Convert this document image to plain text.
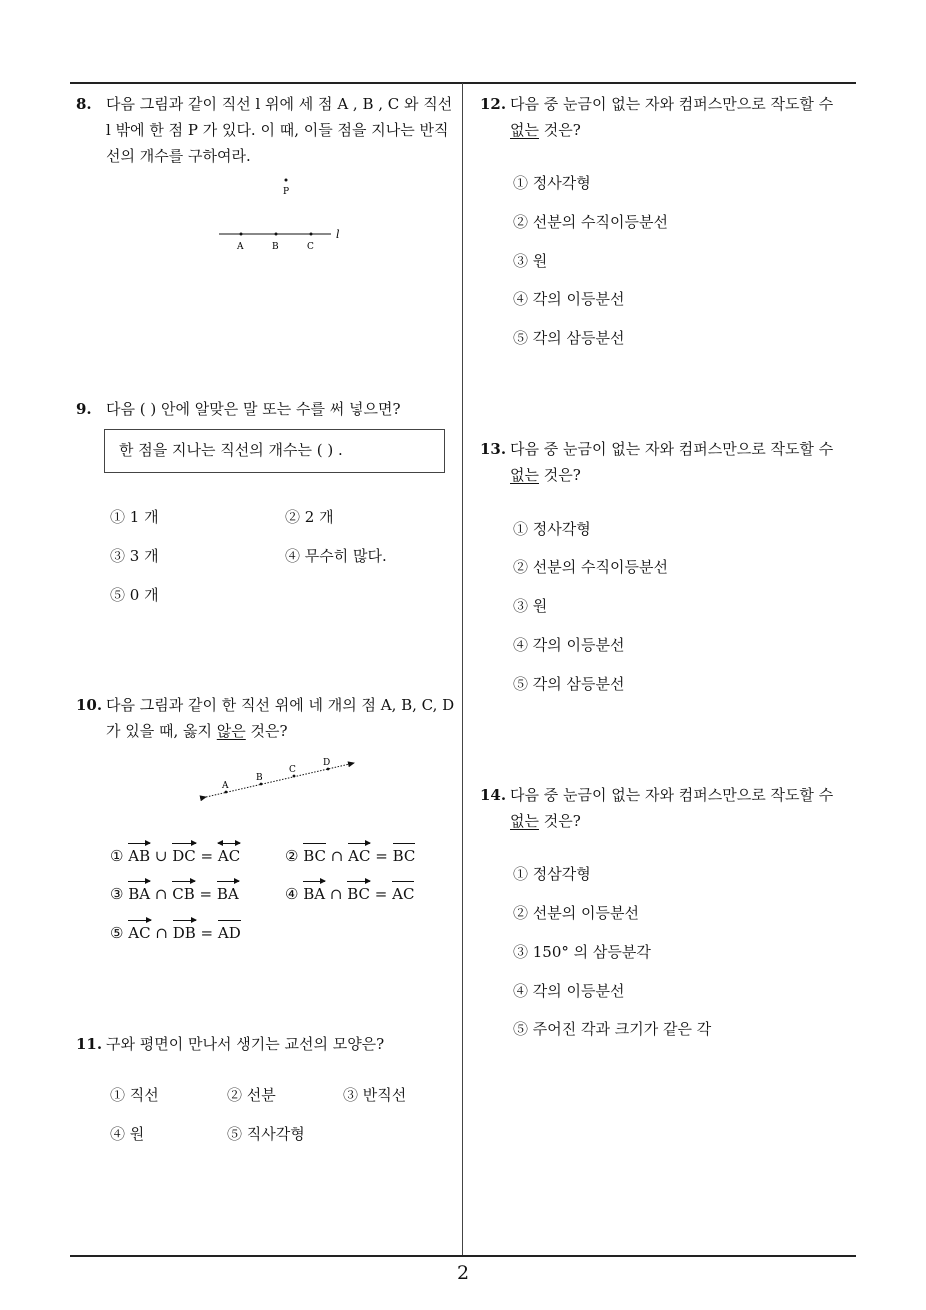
8. 다음 그림과 같이 직선 l 위에 세 점 A , B , C 와 직선
l 밖에 한 점 P 가 있다. 이 때, 이들 점을 지나는 반직
선의 개수를 구하여라.
P
A	B	C
l
9. 다음 ( ) 안에 알맞은 말 또는 수를 써 넣으면?
한 점을 지나는 직선의 개수는 ( ) .
① 1 개	② 2 개
③ 3 개	④ 무수히 많다.
⑤ 0 개
10. 다음 그림과 같이 한 직선 위에 네 개의 점 A, B, C, D
가 있을 때, 옳지 않은 것은?
A
B
C
D
① AB ∪ DC = AC	② BC ∩ AC = BC
③ BA ∩ CB = BA	④ BA ∩ BC = AC
⑤ AC ∩ DB = AD
11. 구와 평면이 만나서 생기는 교선의 모양은?
① 직선	② 선분	③ 반직선
④ 원	⑤ 직사각형
12. 다음 중 눈금이 없는 자와 컴퍼스만으로 작도할 수
없는 것은?
① 정사각형
② 선분의 수직이등분선
③ 원
④ 각의 이등분선
⑤ 각의 삼등분선
13. 다음 중 눈금이 없는 자와 컴퍼스만으로 작도할 수
없는 것은?
① 정사각형
② 선분의 수직이등분선
③ 원
④ 각의 이등분선
⑤ 각의 삼등분선
14. 다음 중 눈금이 없는 자와 컴퍼스만으로 작도할 수
없는 것은?
① 정삼각형
② 선분의 이등분선
③ 150° 의 삼등분각
④ 각의 이등분선
⑤ 주어진 각과 크기가 같은 각
2
